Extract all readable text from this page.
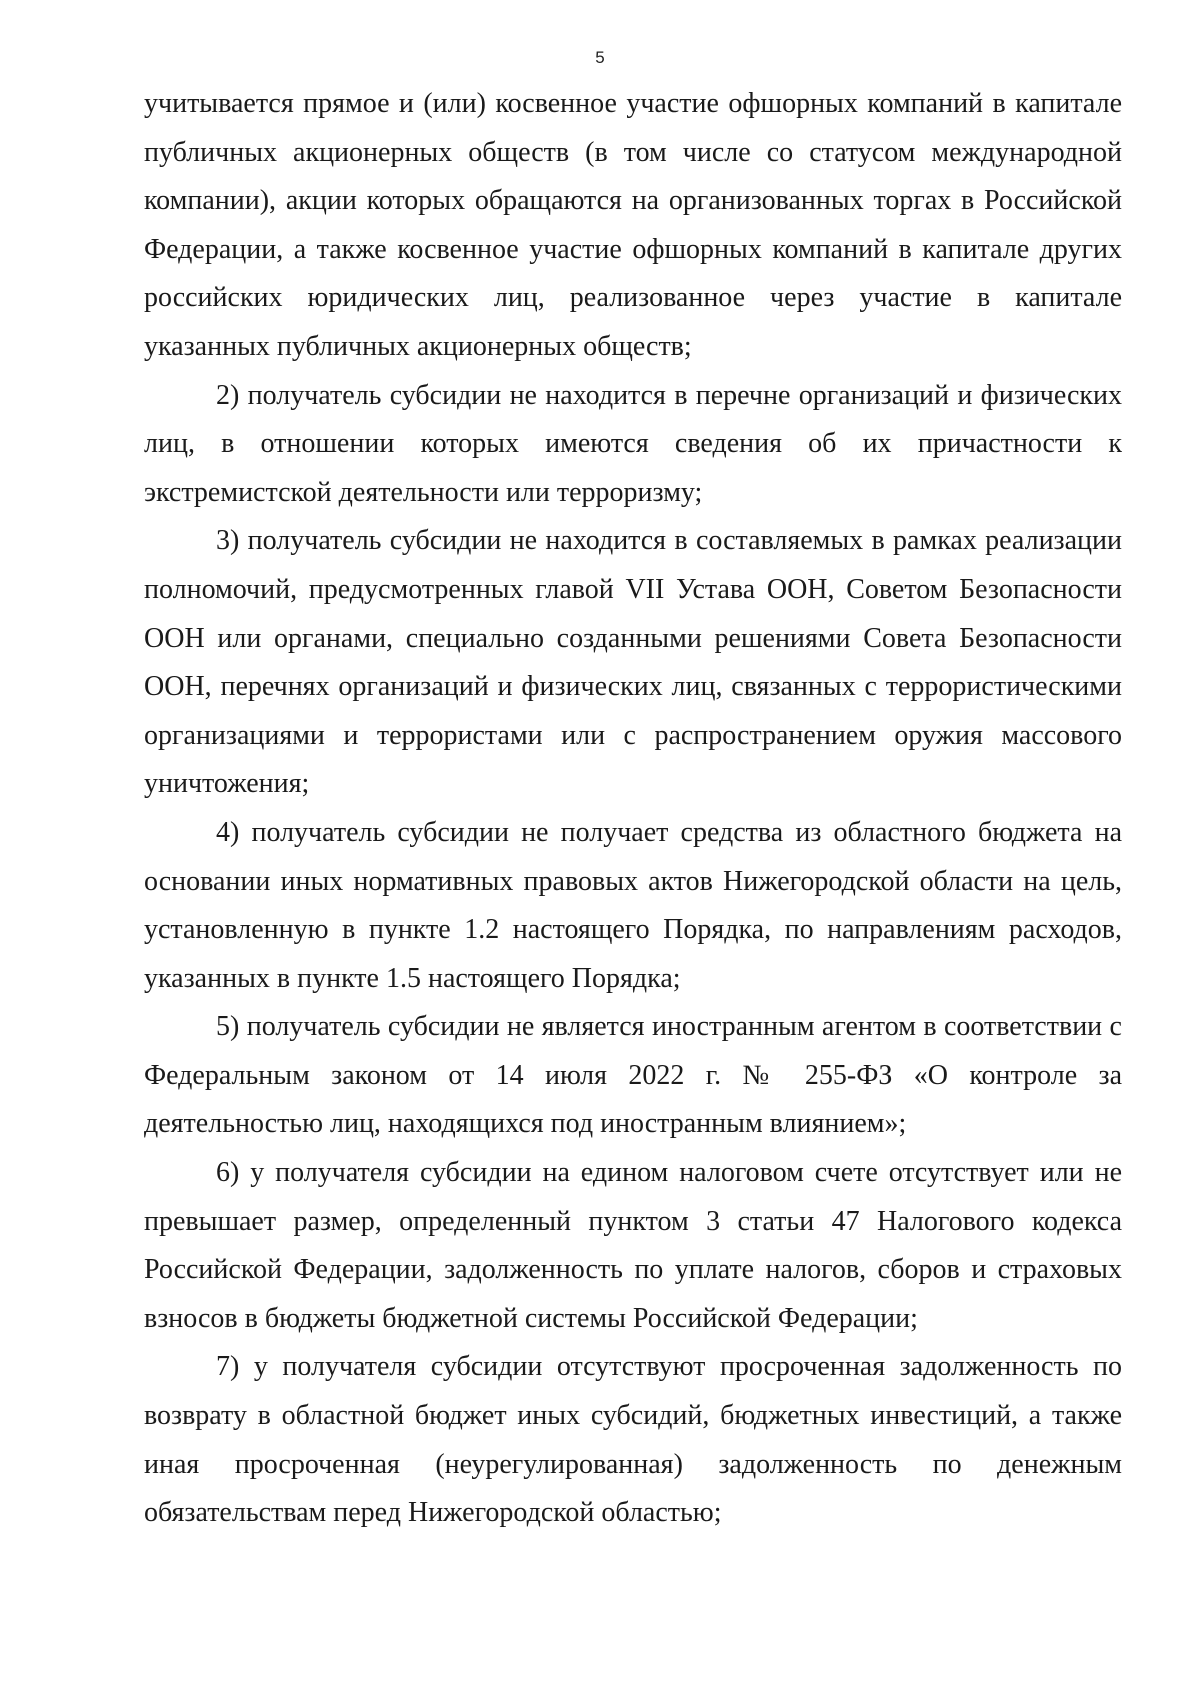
5

учитывается прямое и (или) косвенное участие офшорных компаний в капитале публичных акционерных обществ (в том числе со статусом международной компании), акции которых обращаются на организованных торгах в Российской Федерации, а также косвенное участие офшорных компаний в капитале других российских юридических лиц, реализованное через участие в капитале указанных публичных акционерных обществ;

2) получатель субсидии не находится в перечне организаций и физических лиц, в отношении которых имеются сведения об их причастности к экстремистской деятельности или терроризму;

3) получатель субсидии не находится в составляемых в рамках реализации полномочий, предусмотренных главой VII Устава ООН, Советом Безопасности ООН или органами, специально созданными решениями Совета Безопасности ООН, перечнях организаций и физических лиц, связанных с террористическими организациями и террористами или с распространением оружия массового уничтожения;

4) получатель субсидии не получает средства из областного бюджета на основании иных нормативных правовых актов Нижегородской области на цель, установленную в пункте 1.2 настоящего Порядка, по направлениям расходов, указанных в пункте 1.5 настоящего Порядка;

5) получатель субсидии не является иностранным агентом в соответствии с Федеральным законом от 14 июля 2022 г. № 255-ФЗ «О контроле за деятельностью лиц, находящихся под иностранным влиянием»;

6) у получателя субсидии на едином налоговом счете отсутствует или не превышает размер, определенный пунктом 3 статьи 47 Налогового кодекса Российской Федерации, задолженность по уплате налогов, сборов и страховых взносов в бюджеты бюджетной системы Российской Федерации;

7) у получателя субсидии отсутствуют просроченная задолженность по возврату в областной бюджет иных субсидий, бюджетных инвестиций, а также иная просроченная (неурегулированная) задолженность по денежным обязательствам перед Нижегородской областью;
